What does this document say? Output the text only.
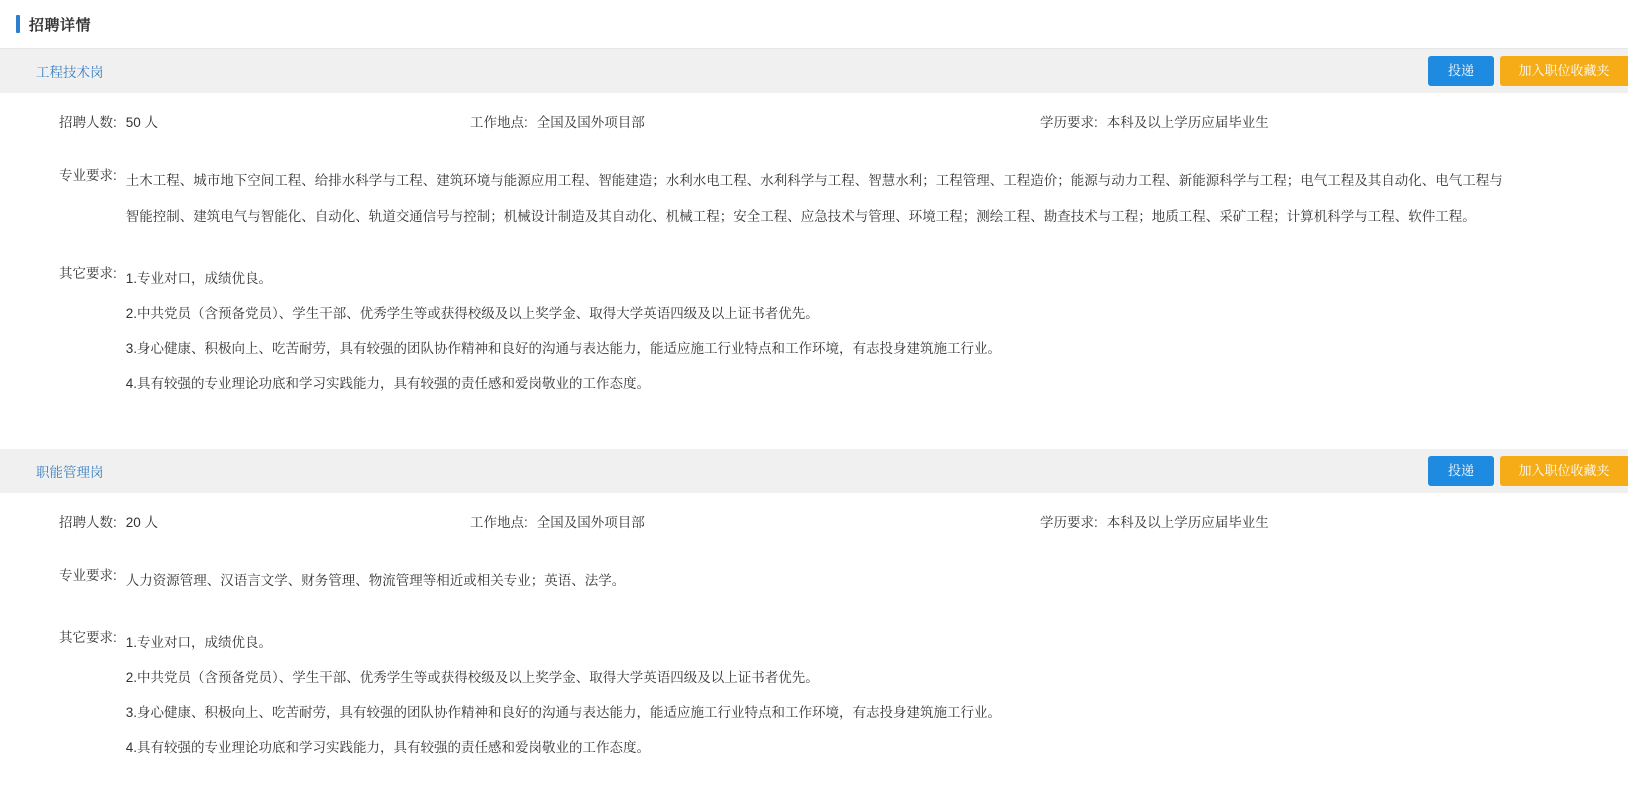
招聘详情
工程技术岗	投递	加入职位收藏夹
招聘人数: 50 人	工作地点: 全国及国外项目部	学历要求: 本科及以上学历应届毕业生
专业要求: 土木工程、城市地下空间工程、给排水科学与工程、建筑环境与能源应用工程、智能建造；水利水电工程、水利科学与工程、智慧水利；工程管理、工程造价；能源与动力工程、新能源科学与工程；电气工程及其自动化、电气工程与

智能控制、建筑电气与智能化、自动化、轨道交通信号与控制；机械设计制造及其自动化、机械工程；安全工程、应急技术与管理、环境工程；测绘工程、勘查技术与工程；地质工程、采矿工程；计算机科学与工程、软件工程。

其它要求: 1.专业对口，成绩优良。

2.中共党员（含预备党员）、学生干部、优秀学生等或获得校级及以上奖学金、取得大学英语四级及以上证书者优先。

3.身心健康、积极向上、吃苦耐劳，具有较强的团队协作精神和良好的沟通与表达能力，能适应施工行业特点和工作环境，有志投身建筑施工行业。

4.具有较强的专业理论功底和学习实践能力，具有较强的责任感和爱岗敬业的工作态度。

职能管理岗	投递	加入职位收藏夹
招聘人数: 20 人	工作地点: 全国及国外项目部	学历要求: 本科及以上学历应届毕业生
专业要求: 人力资源管理、汉语言文学、财务管理、物流管理等相近或相关专业；英语、法学。

其它要求: 1.专业对口，成绩优良。

2.中共党员（含预备党员）、学生干部、优秀学生等或获得校级及以上奖学金、取得大学英语四级及以上证书者优先。

3.身心健康、积极向上、吃苦耐劳，具有较强的团队协作精神和良好的沟通与表达能力，能适应施工行业特点和工作环境，有志投身建筑施工行业。

4.具有较强的专业理论功底和学习实践能力，具有较强的责任感和爱岗敬业的工作态度。
